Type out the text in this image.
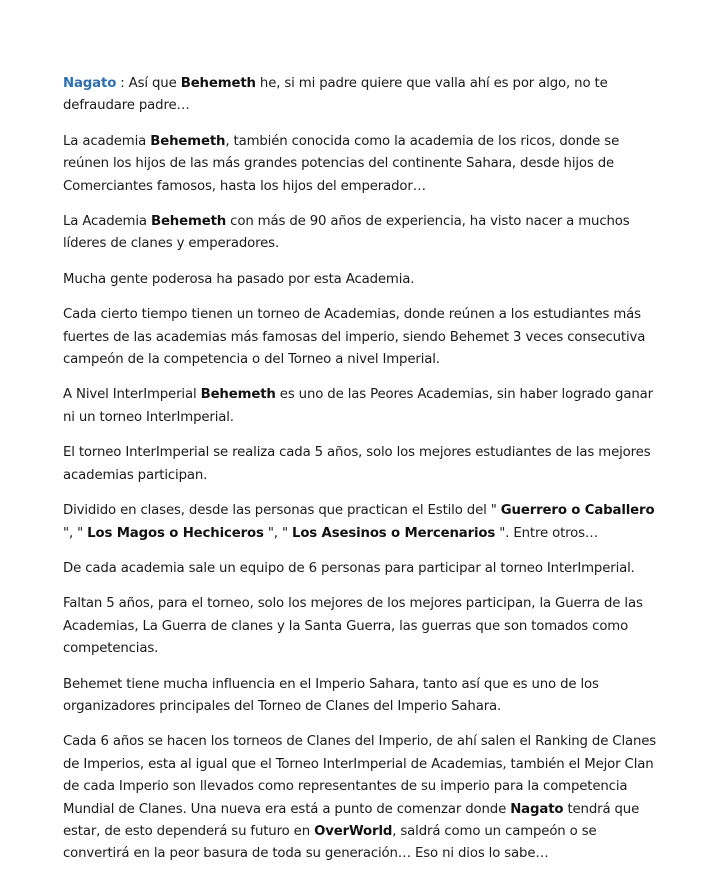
Nagato : Así que Behemeth he, si mi padre quiere que valla ahí es por algo, no te defraudare padre…

La academia Behemeth, también conocida como la academia de los ricos, donde se reúnen los hijos de las más grandes potencias del continente Sahara, desde hijos de Comerciantes famosos, hasta los hijos del emperador…

La Academia Behemeth con más de 90 años de experiencia, ha visto nacer a muchos líderes de clanes y emperadores.

Mucha gente poderosa ha pasado por esta Academia.

Cada cierto tiempo tienen un torneo de Academias, donde reúnen a los estudiantes más fuertes de las academias más famosas del imperio, siendo Behemet 3 veces consecutiva campeón de la competencia o del Torneo a nivel Imperial.

A Nivel InterImperial Behemeth es uno de las Peores Academias, sin haber logrado ganar ni un torneo InterImperial.

El torneo InterImperial se realiza cada 5 años, solo los mejores estudiantes de las mejores academias participan.

Dividido en clases, desde las personas que practican el Estilo del " Guerrero o Caballero ", " Los Magos o Hechiceros ", " Los Asesinos o Mercenarios ". Entre otros…

De cada academia sale un equipo de 6 personas para participar al torneo InterImperial.

Faltan 5 años, para el torneo, solo los mejores de los mejores participan, la Guerra de las Academias, La Guerra de clanes y la Santa Guerra, las guerras que son tomados como competencias.

Behemet tiene mucha influencia en el Imperio Sahara, tanto así que es uno de los organizadores principales del Torneo de Clanes del Imperio Sahara.

Cada 6 años se hacen los torneos de Clanes del Imperio, de ahí salen el Ranking de Clanes de Imperios, esta al igual que el Torneo InterImperial de Academias, también el Mejor Clan de cada Imperio son llevados como representantes de su imperio para la competencia Mundial de Clanes. Una nueva era está a punto de comenzar donde Nagato tendrá que estar, de esto dependerá su futuro en OverWorld, saldrá como un campeón o se convertirá en la peor basura de toda su generación… Eso ni dios lo sabe…
